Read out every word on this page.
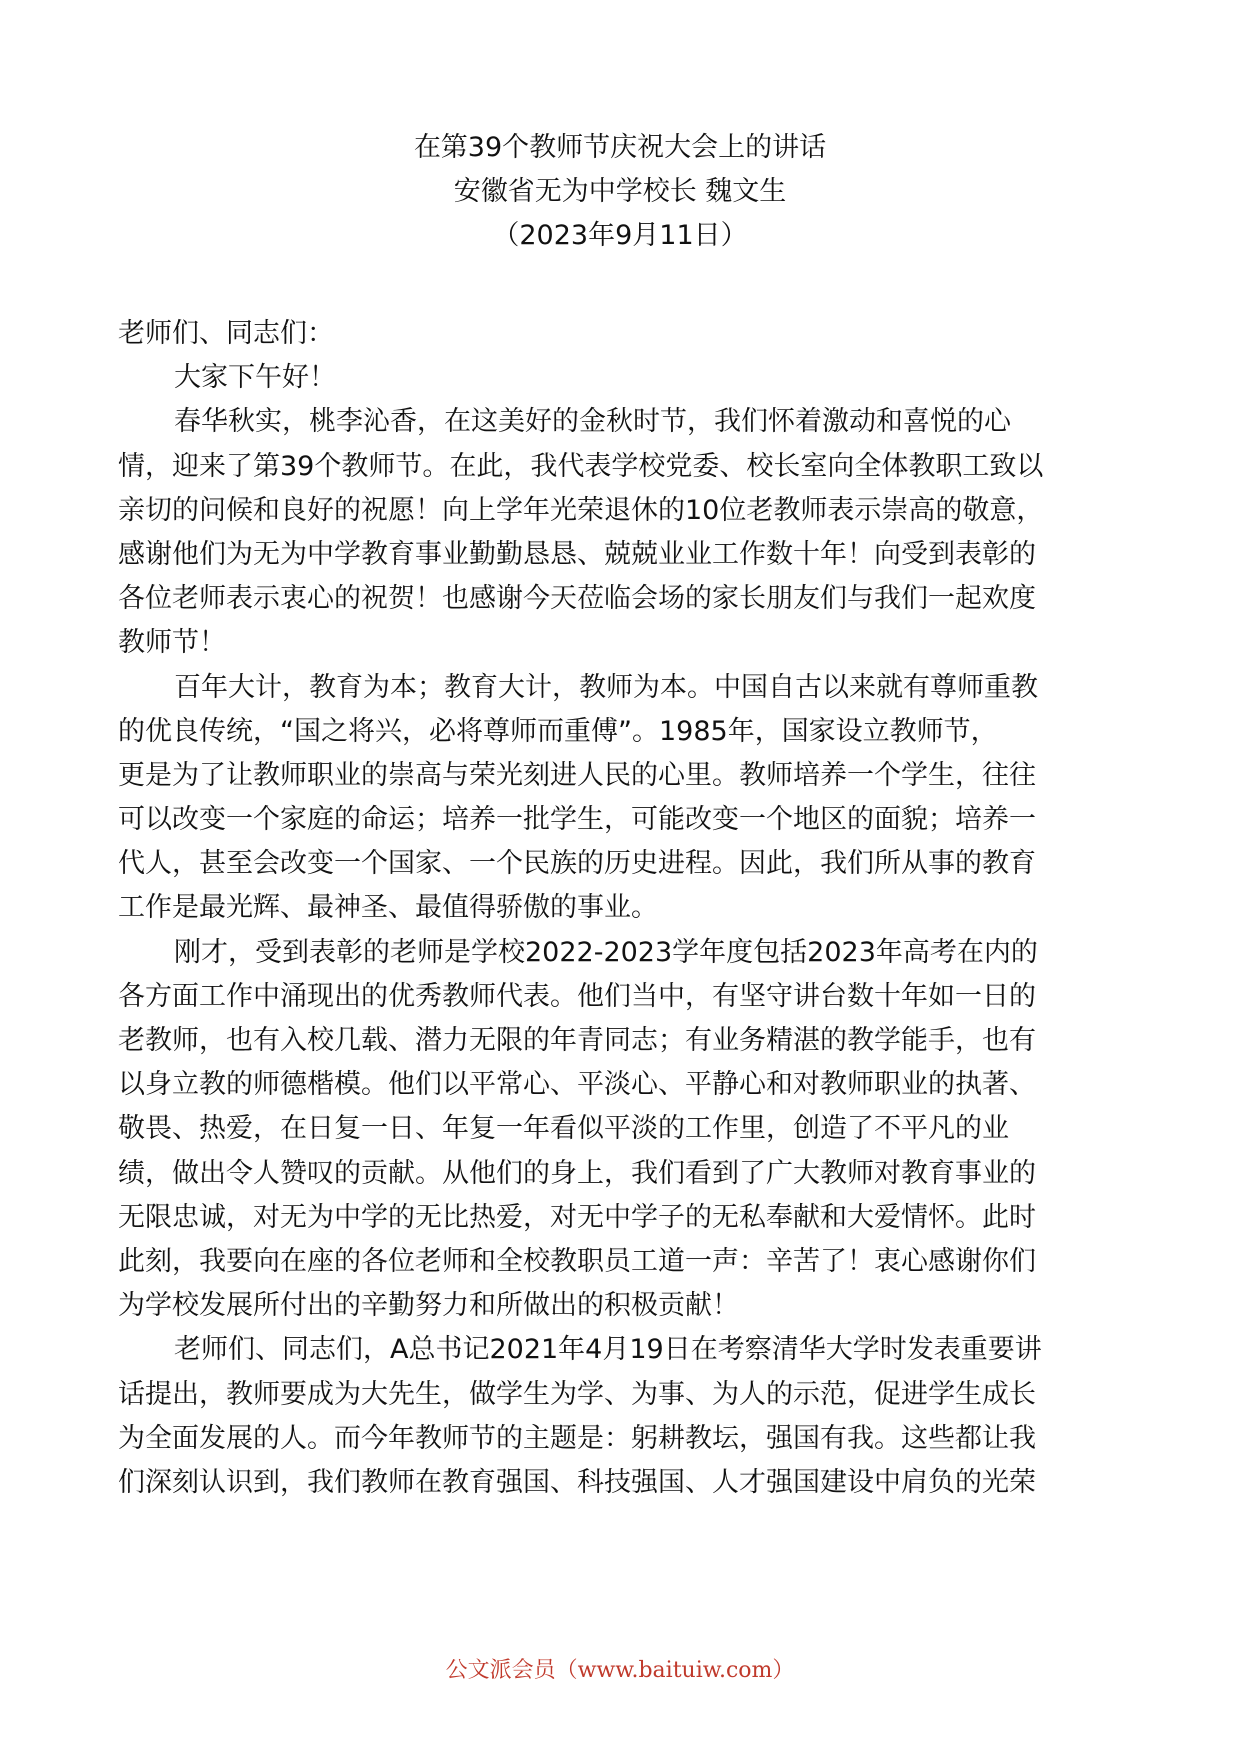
在第39个教师节庆祝大会上的讲话
安徽省无为中学校长 魏文生
（2023年9月11日）
老师们、同志们：
大家下午好！
春华秋实，桃李沁香，在这美好的金秋时节，我们怀着激动和喜悦的心
情，迎来了第39个教师节。在此，我代表学校党委、校长室向全体教职工致以
亲切的问候和良好的祝愿！向上学年光荣退休的10位老教师表示崇高的敬意，
感谢他们为无为中学教育事业勤勤恳恳、兢兢业业工作数十年！向受到表彰的
各位老师表示衷心的祝贺！也感谢今天莅临会场的家长朋友们与我们一起欢度
教师节！
百年大计，教育为本；教育大计，教师为本。中国自古以来就有尊师重教
的优良传统，“国之将兴，必将尊师而重傅”。1985年，国家设立教师节，
更是为了让教师职业的崇高与荣光刻进人民的心里。教师培养一个学生，往往
可以改变一个家庭的命运；培养一批学生，可能改变一个地区的面貌；培养一
代人，甚至会改变一个国家、一个民族的历史进程。因此，我们所从事的教育
工作是最光辉、最神圣、最值得骄傲的事业。
刚才，受到表彰的老师是学校2022-2023学年度包括2023年高考在内的
各方面工作中涌现出的优秀教师代表。他们当中，有坚守讲台数十年如一日的
老教师，也有入校几载、潜力无限的年青同志；有业务精湛的教学能手，也有
以身立教的师德楷模。他们以平常心、平淡心、平静心和对教师职业的执著、
敬畏、热爱，在日复一日、年复一年看似平淡的工作里，创造了不平凡的业
绩，做出令人赞叹的贡献。从他们的身上，我们看到了广大教师对教育事业的
无限忠诚，对无为中学的无比热爱，对无中学子的无私奉献和大爱情怀。此时
此刻，我要向在座的各位老师和全校教职员工道一声：辛苦了！衷心感谢你们
为学校发展所付出的辛勤努力和所做出的积极贡献！
老师们、同志们，A总书记2021年4月19日在考察清华大学时发表重要讲
话提出，教师要成为大先生，做学生为学、为事、为人的示范，促进学生成长
为全面发展的人。而今年教师节的主题是：躬耕教坛，强国有我。这些都让我
们深刻认识到，我们教师在教育强国、科技强国、人才强国建设中肩负的光荣
公文派会员（www.baituiw.com）
